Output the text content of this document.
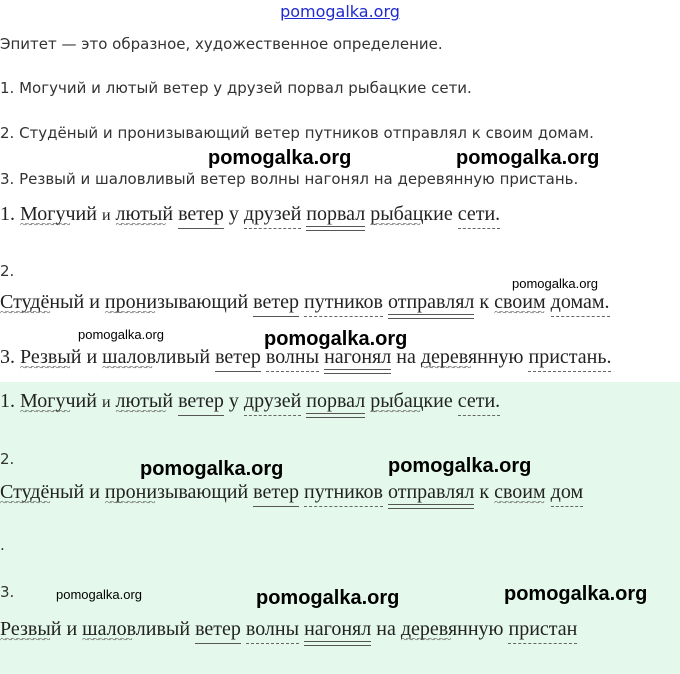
pomogalka.org
Эпитет — это образное, художественное определение.
1. Могучий и лютый ветер у друзей порвал рыбацкие сети.
2. Студёный и пронизывающий ветер путников отправлял к своим домам.
3. Резвый и шаловливый ветер волны нагонял на деревянную пристань.
1. Могучий ~~~~~ и лютый ~~~~~ ветер у друзей порвал рыбацкие ~~~~~ сети.
2.
Студёный ~~~~~ и пронизывающий ~~~~~ ветер путников отправлял к своим ~~~~~ домам.
3. Резвый ~~~~~ и шаловливый ~~~~~ ветер волны нагонял на деревянную ~~~~~ пристань.
1. Могучий ~~~~~ и лютый ~~~~~ ветер у друзей порвал рыбацкие ~~~~~ сети.
2.
Студёный ~~~~~ и пронизывающий ~~~~~ ветер путников отправлял к своим ~~~~~ дом
.
3.
Резвый ~~~~~ и шаловливый ~~~~~ ветер волны нагонял на деревянную ~~~~~ пристан
pomogalka.org	pomogalka.org
pomogalka.org
pomogalka.org	pomogalka.org
pomogalka.org	pomogalka.org
pomogalka.org	pomogalka.org	pomogalka.org
